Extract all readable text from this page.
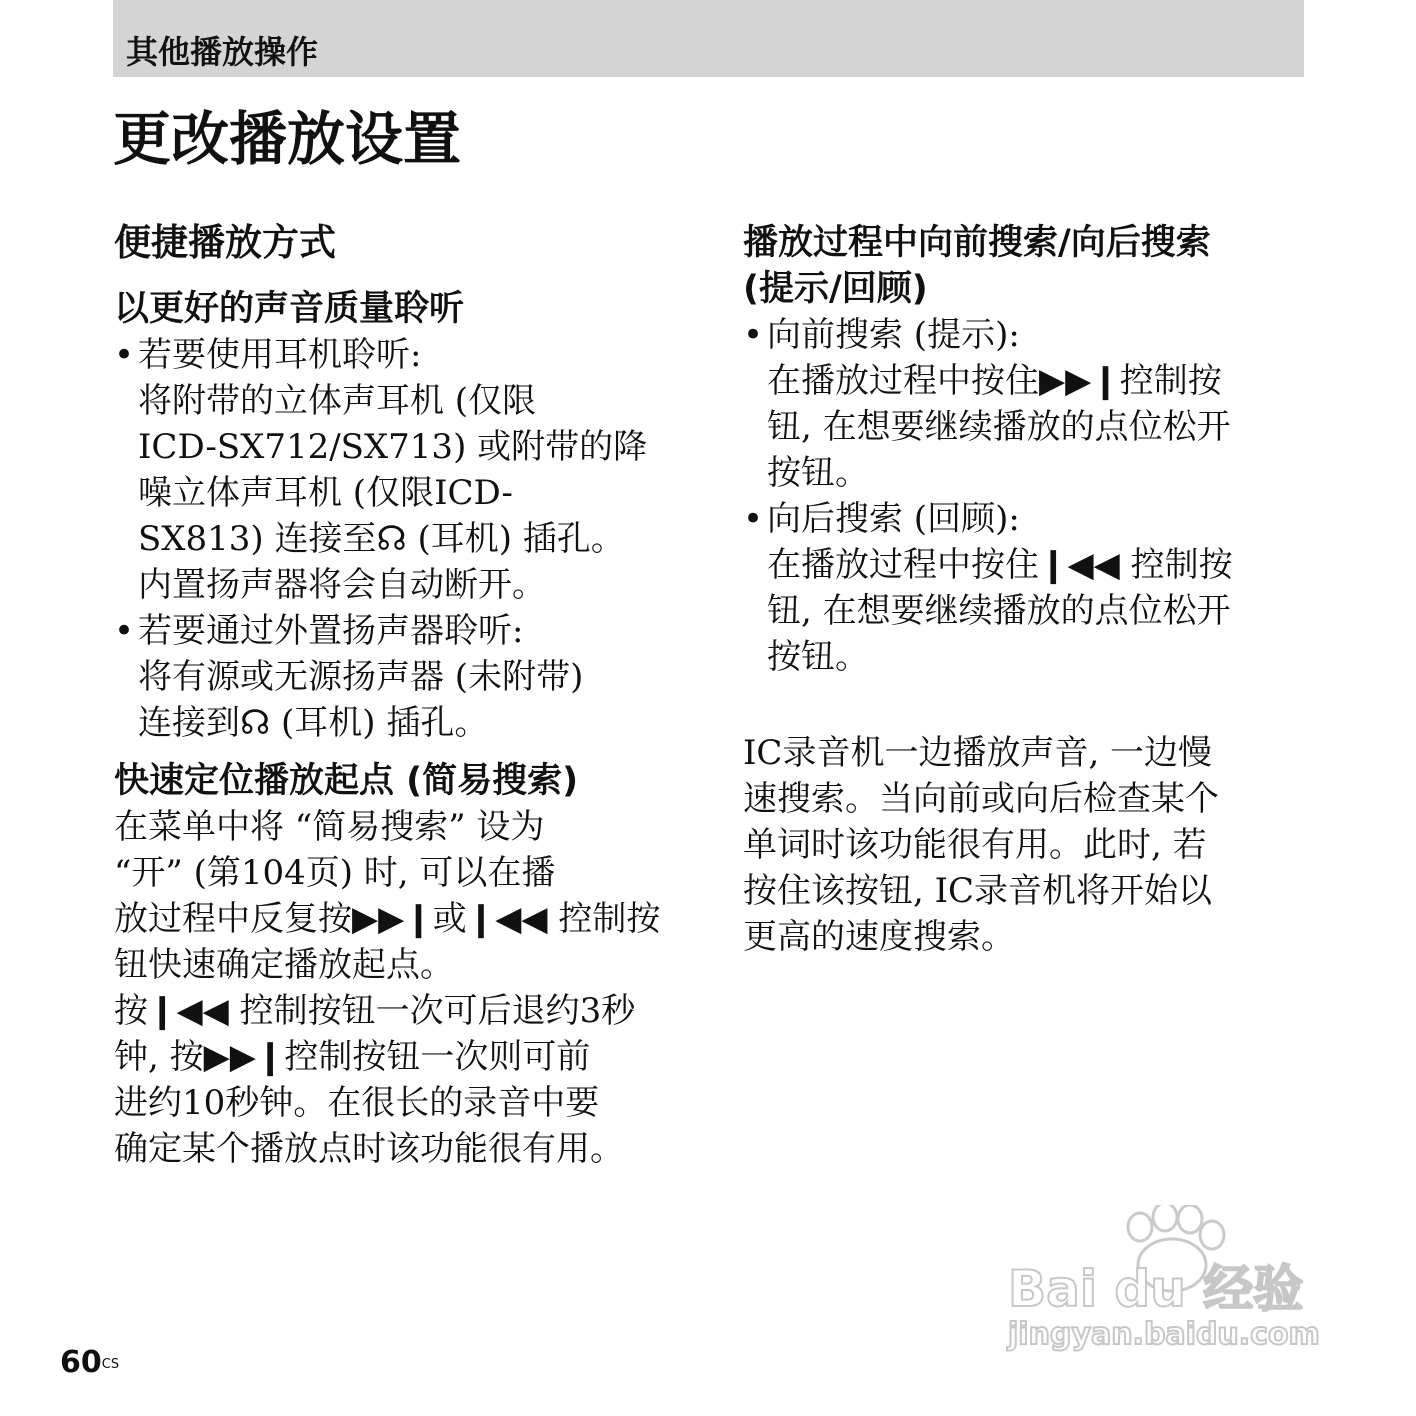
其他播放操作
更改播放设置

便捷播放方式

以更好的声音质量聆听

• 若要使用耳机聆听:

将附带的立体声耳机 (仅限

ICD-SX712/SX713) 或附带的降

噪立体声耳机 (仅限ICD-

SX813) 连接至☊ (耳机) 插孔。

内置扬声器将会自动断开。

• 若要通过外置扬声器聆听:

将有源或无源扬声器 (未附带)

连接到☊ (耳机) 插孔。

快速定位播放起点 (简易搜索)

在菜单中将 “简易搜索” 设为

“开” (第104页) 时, 可以在播

放过程中反复按▶▶❙或❙◀◀ 控制按

钮快速确定播放起点。

按❙◀◀ 控制按钮一次可后退约3秒

钟, 按▶▶❙控制按钮一次则可前

进约10秒钟。在很长的录音中要

确定某个播放点时该功能很有用。

播放过程中向前搜索/向后搜索

(提示/回顾)

• 向前搜索 (提示):

在播放过程中按住▶▶❙控制按

钮, 在想要继续播放的点位松开

按钮。

• 向后搜索 (回顾):

在播放过程中按住❙◀◀ 控制按

钮, 在想要继续播放的点位松开

按钮。

IC录音机一边播放声音, 一边慢

速搜索。当向前或向后检查某个

单词时该功能很有用。此时, 若

按住该按钮, IC录音机将开始以

更高的速度搜索。

$60^{CS}$
Bai du 经验
jingyan.baidu.com
